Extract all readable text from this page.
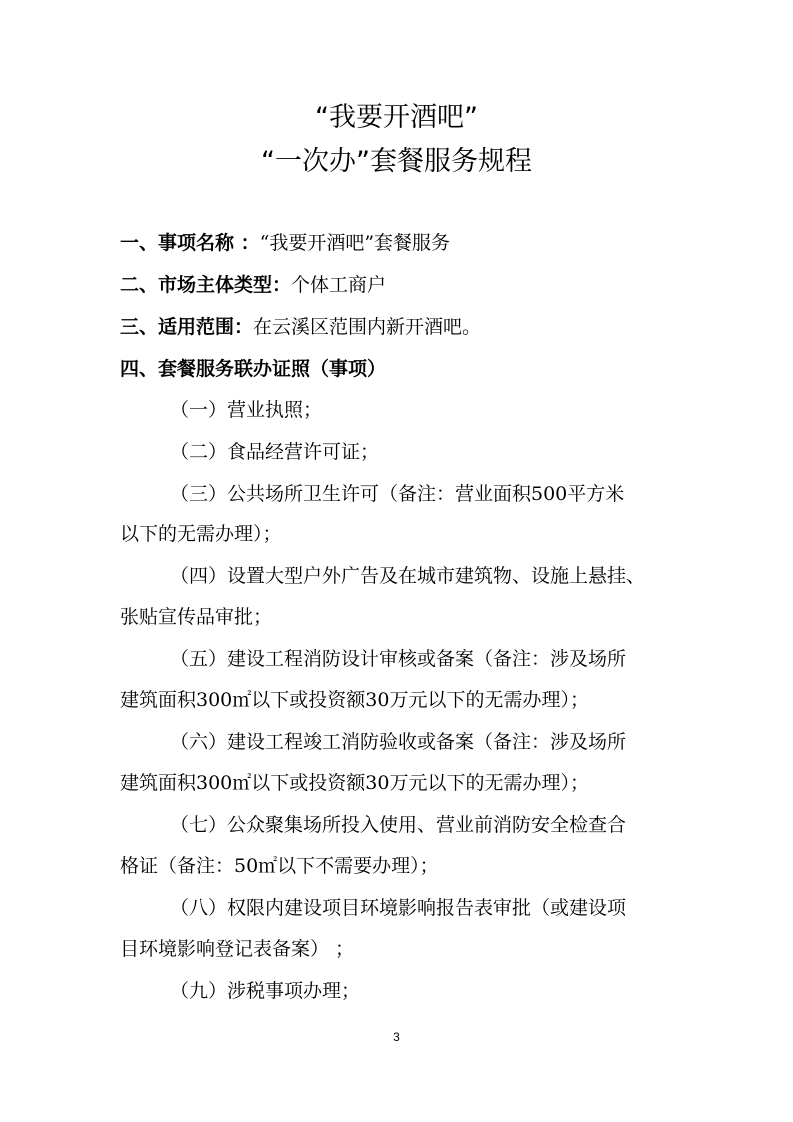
“我要开酒吧”
“一次办”套餐服务规程
一、事项名称 ：“我要开酒吧”套餐服务
二、市场主体类型：个体工商户
三、适用范围：在云溪区范围内新开酒吧。
四、套餐服务联办证照（事项）
（一）营业执照；
（二）食品经营许可证；
（三）公共场所卫生许可（备注：营业面积500平方米
以下的无需办理）；
（四）设置大型户外广告及在城市建筑物、设施上悬挂、
张贴宣传品审批；
（五）建设工程消防设计审核或备案（备注：涉及场所
建筑面积300㎡以下或投资额30万元以下的无需办理）；
（六）建设工程竣工消防验收或备案（备注：涉及场所
建筑面积300㎡以下或投资额30万元以下的无需办理）；
（七）公众聚集场所投入使用、营业前消防安全检查合
格证（备注：50㎡以下不需要办理）；
（八）权限内建设项目环境影响报告表审批（或建设项
目环境影响登记表备案） ；
（九）涉税事项办理；
3
